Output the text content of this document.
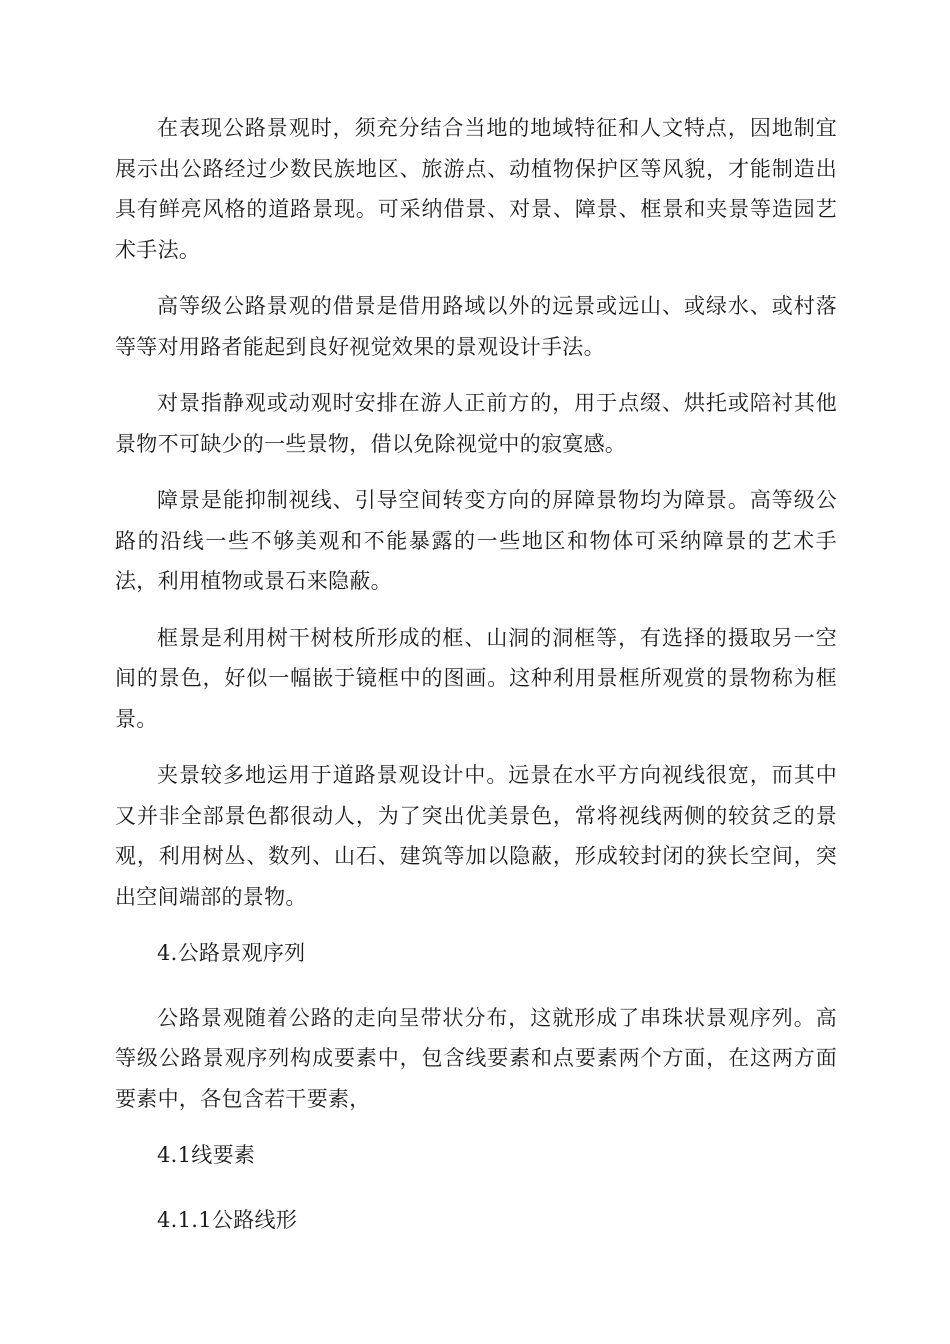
在表现公路景观时，须充分结合当地的地域特征和人文特点，因地制宜展示出公路经过少数民族地区、旅游点、动植物保护区等风貌，才能制造出具有鲜亮风格的道路景现。可采纳借景、对景、障景、框景和夹景等造园艺术手法。

高等级公路景观的借景是借用路域以外的远景或远山、或绿水、或村落等等对用路者能起到良好视觉效果的景观设计手法。

对景指静观或动观时安排在游人正前方的，用于点缀、烘托或陪衬其他景物不可缺少的一些景物，借以免除视觉中的寂寞感。

障景是能抑制视线、引导空间转变方向的屏障景物均为障景。高等级公路的沿线一些不够美观和不能暴露的一些地区和物体可采纳障景的艺术手法，利用植物或景石来隐蔽。

框景是利用树干树枝所形成的框、山洞的洞框等，有选择的摄取另一空间的景色，好似一幅嵌于镜框中的图画。这种利用景框所观赏的景物称为框景。

夹景较多地运用于道路景观设计中。远景在水平方向视线很宽，而其中又并非全部景色都很动人，为了突出优美景色，常将视线两侧的较贫乏的景观，利用树丛、数列、山石、建筑等加以隐蔽，形成较封闭的狭长空间，突出空间端部的景物。

4.公路景观序列

公路景观随着公路的走向呈带状分布，这就形成了串珠状景观序列。高等级公路景观序列构成要素中，包含线要素和点要素两个方面，在这两方面要素中，各包含若干要素，

4.1线要素

4.1.1公路线形
